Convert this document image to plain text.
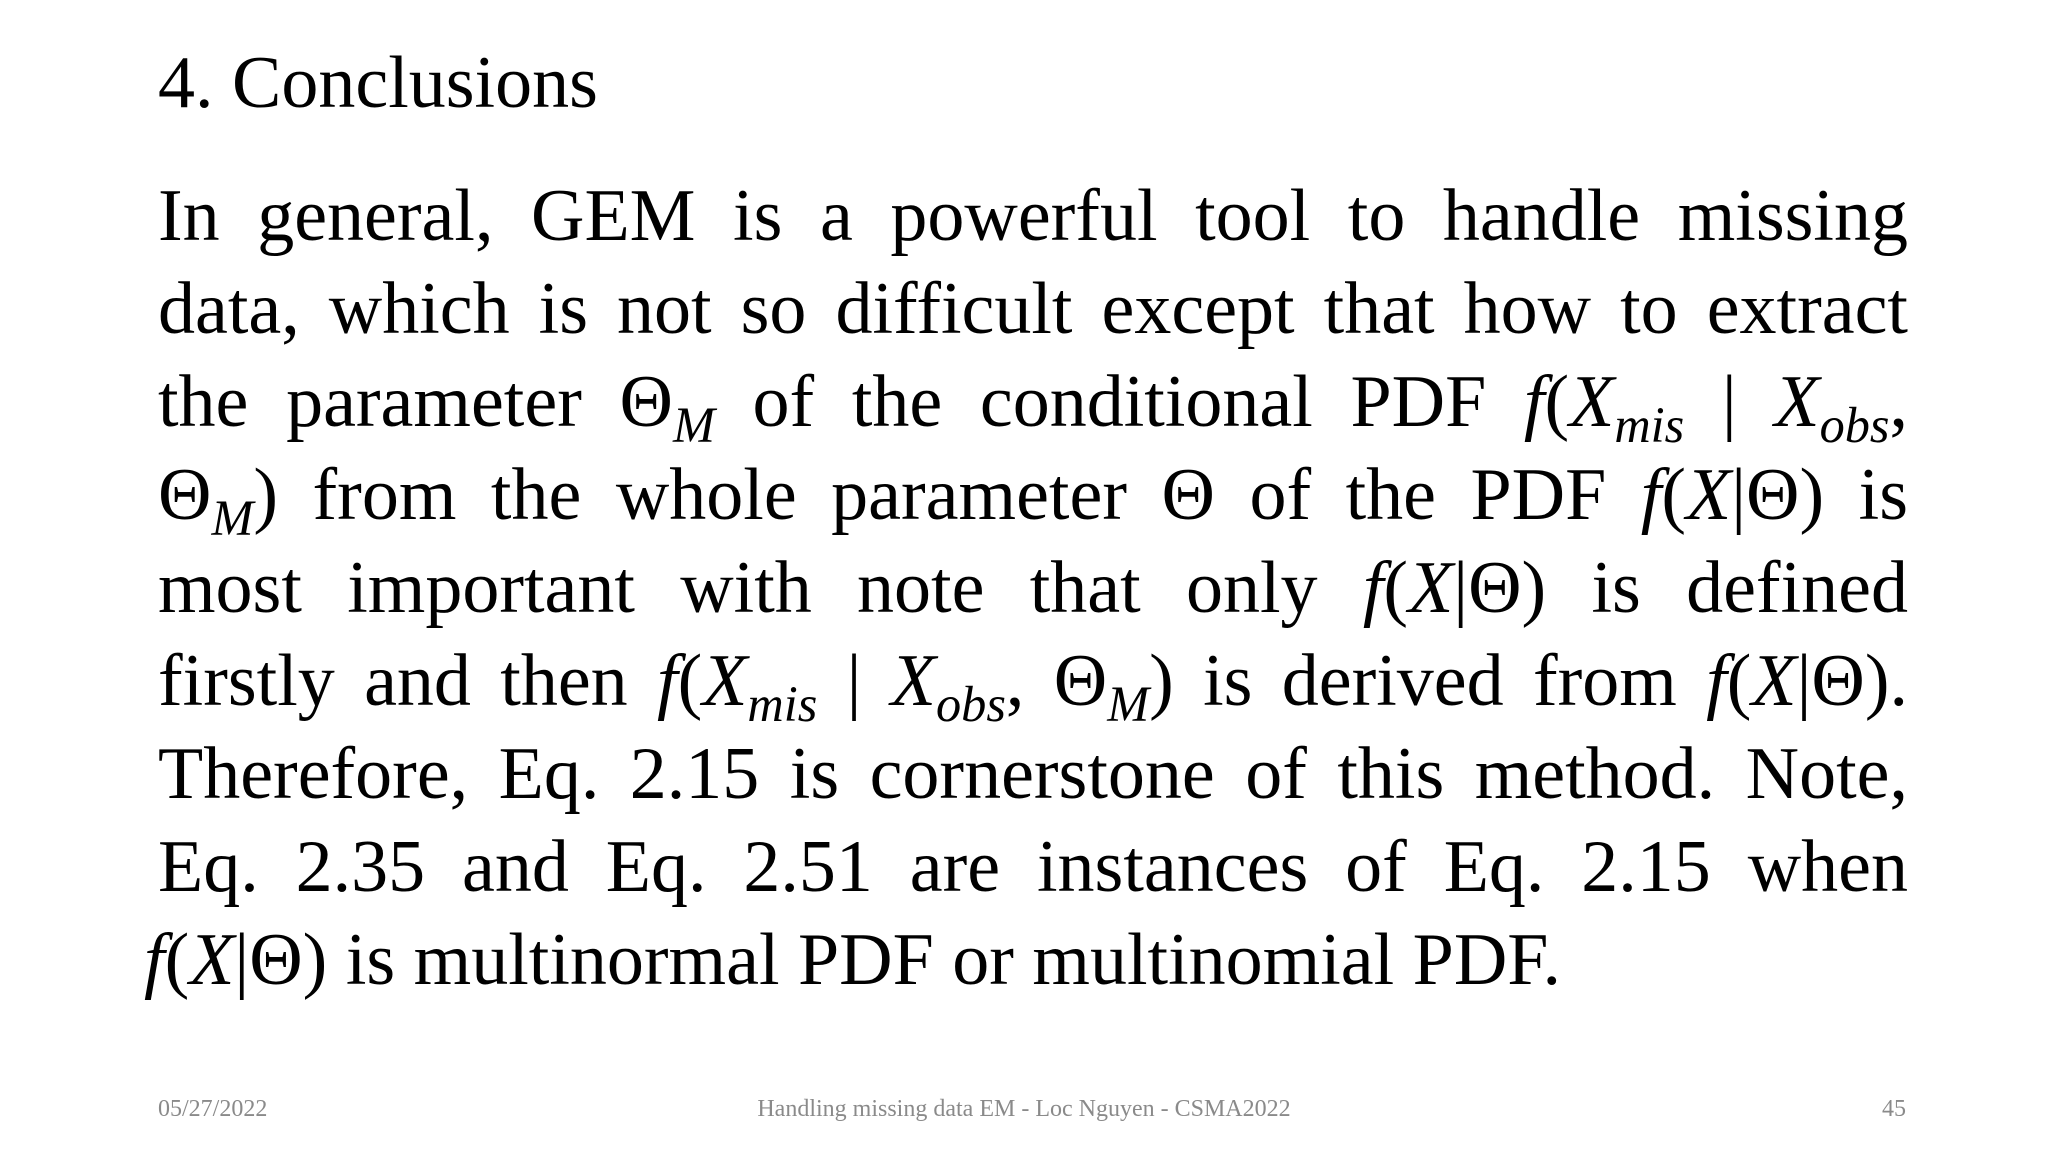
4. Conclusions
In general, GEM is a powerful tool to handle missing
data, which is not so difficult except that how to extract
the parameter $\Theta_M$ of the conditional PDF $f(X_{mis}$ | $X_{obs}$,
$\Theta_M$) from the whole parameter Θ of the PDF f(X|Θ) is
most important with note that only f(X|Θ) is defined
firstly and then $f(X_{mis}$ | $X_{obs}$, $\Theta_M$) is derived from f(X|Θ).
Therefore, Eq. 2.15 is cornerstone of this method. Note,
Eq. 2.35 and Eq. 2.51 are instances of Eq. 2.15 when
f(X|Θ) is multinormal PDF or multinomial PDF.
05/27/2022	Handling missing data EM - Loc Nguyen - CSMA2022	45
